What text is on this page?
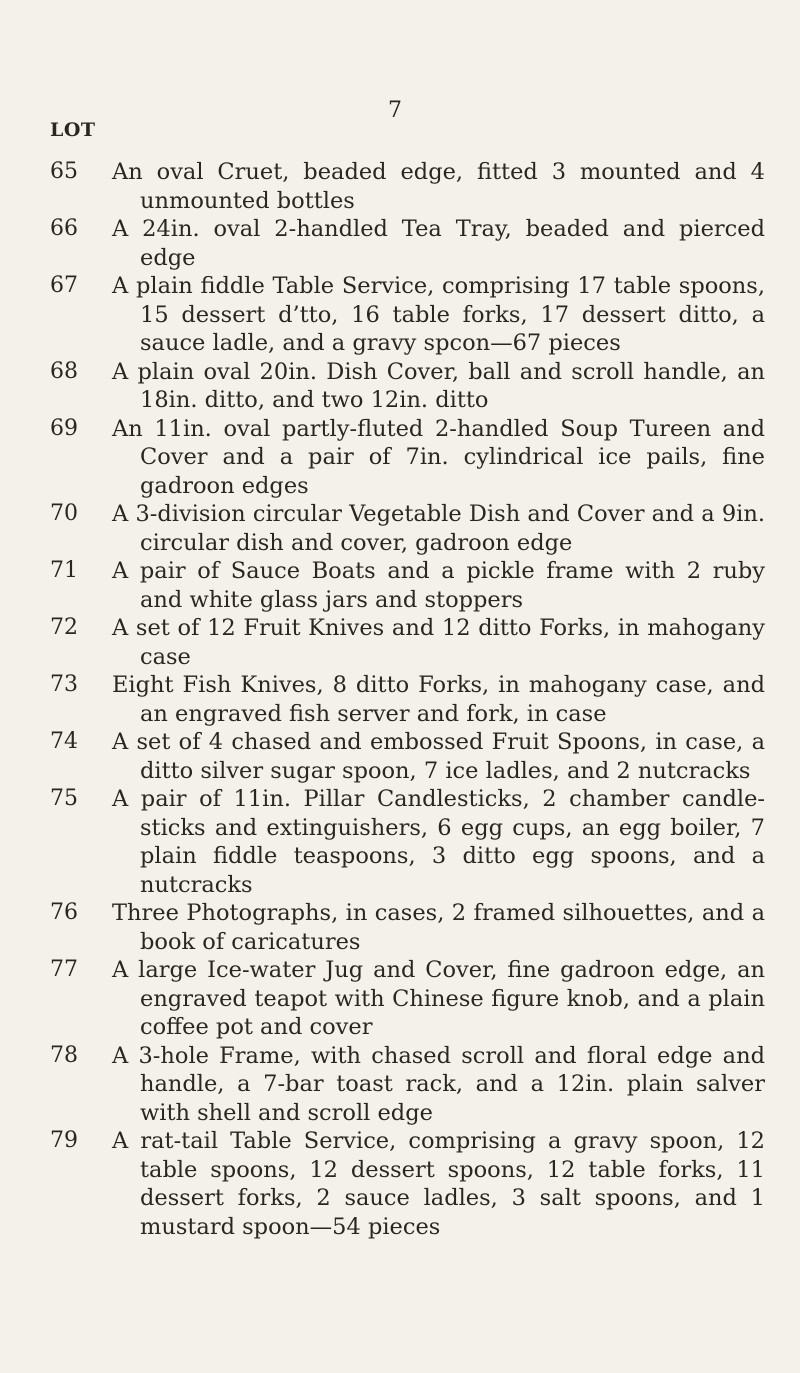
7
LOT
65	An oval Cruet, beaded edge, fitted 3 mounted and 4 unmounted bottles
66	A 24in. oval 2-handled Tea Tray, beaded and pierced edge
67	A plain fiddle Table Service, comprising 17 table spoons, 15 dessert d’tto, 16 table forks, 17 dessert ditto, a sauce ladle, and a gravy spcon—67 pieces
68	A plain oval 20in. Dish Cover, ball and scroll handle, an 18in. ditto, and two 12in. ditto
69	An 11in. oval partly-fluted 2-handled Soup Tureen and Cover and a pair of 7in. cylindrical ice pails, fine gadroon edges
70	A 3-division circular Vegetable Dish and Cover and a 9in. circular dish and cover, gadroon edge
71	A pair of Sauce Boats and a pickle frame with 2 ruby and white glass jars and stoppers
72	A set of 12 Fruit Knives and 12 ditto Forks, in mahogany case
73	Eight Fish Knives, 8 ditto Forks, in mahogany case, and an engraved fish server and fork, in case
74	A set of 4 chased and embossed Fruit Spoons, in case, a ditto silver sugar spoon, 7 ice ladles, and 2 nutcracks
75	A pair of 11in. Pillar Candlesticks, 2 chamber candle-sticks and extinguishers, 6 egg cups, an egg boiler, 7 plain fiddle teaspoons, 3 ditto egg spoons, and a nutcracks
76	Three Photographs, in cases, 2 framed silhouettes, and a book of caricatures
77	A large Ice-water Jug and Cover, fine gadroon edge, an engraved teapot with Chinese figure knob, and a plain coffee pot and cover
78	A 3-hole Frame, with chased scroll and floral edge and handle, a 7-bar toast rack, and a 12in. plain salver with shell and scroll edge
79	A rat-tail Table Service, comprising a gravy spoon, 12 table spoons, 12 dessert spoons, 12 table forks, 11 dessert forks, 2 sauce ladles, 3 salt spoons, and 1 mustard spoon—54 pieces
